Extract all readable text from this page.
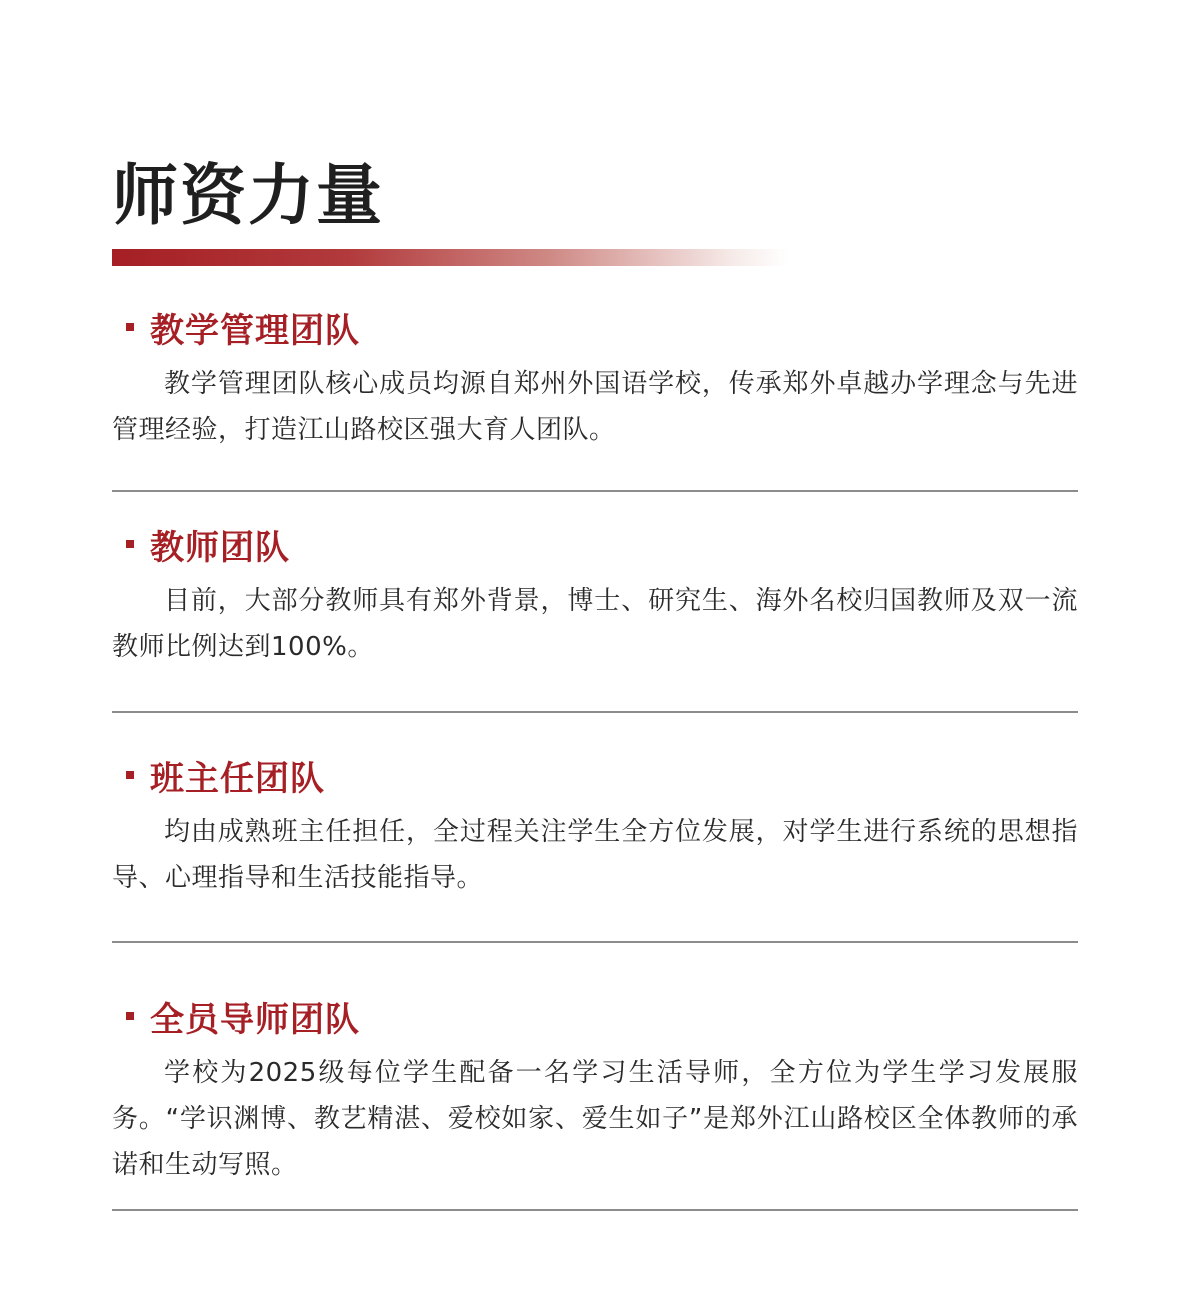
师资力量
教学管理团队

教学管理团队核心成员均源自郑州外国语学校，传承郑外卓越办学理念与先进管理经验，打造江山路校区强大育人团队。

教师团队

目前，大部分教师具有郑外背景，博士、研究生、海外名校归国教师及双一流教师比例达到100%。

班主任团队

均由成熟班主任担任，全过程关注学生全方位发展，对学生进行系统的思想指导、心理指导和生活技能指导。

全员导师团队

学校为2025级每位学生配备一名学习生活导师，全方位为学生学习发展服务。“学识渊博、教艺精湛、爱校如家、爱生如子”是郑外江山路校区全体教师的承诺和生动写照。
